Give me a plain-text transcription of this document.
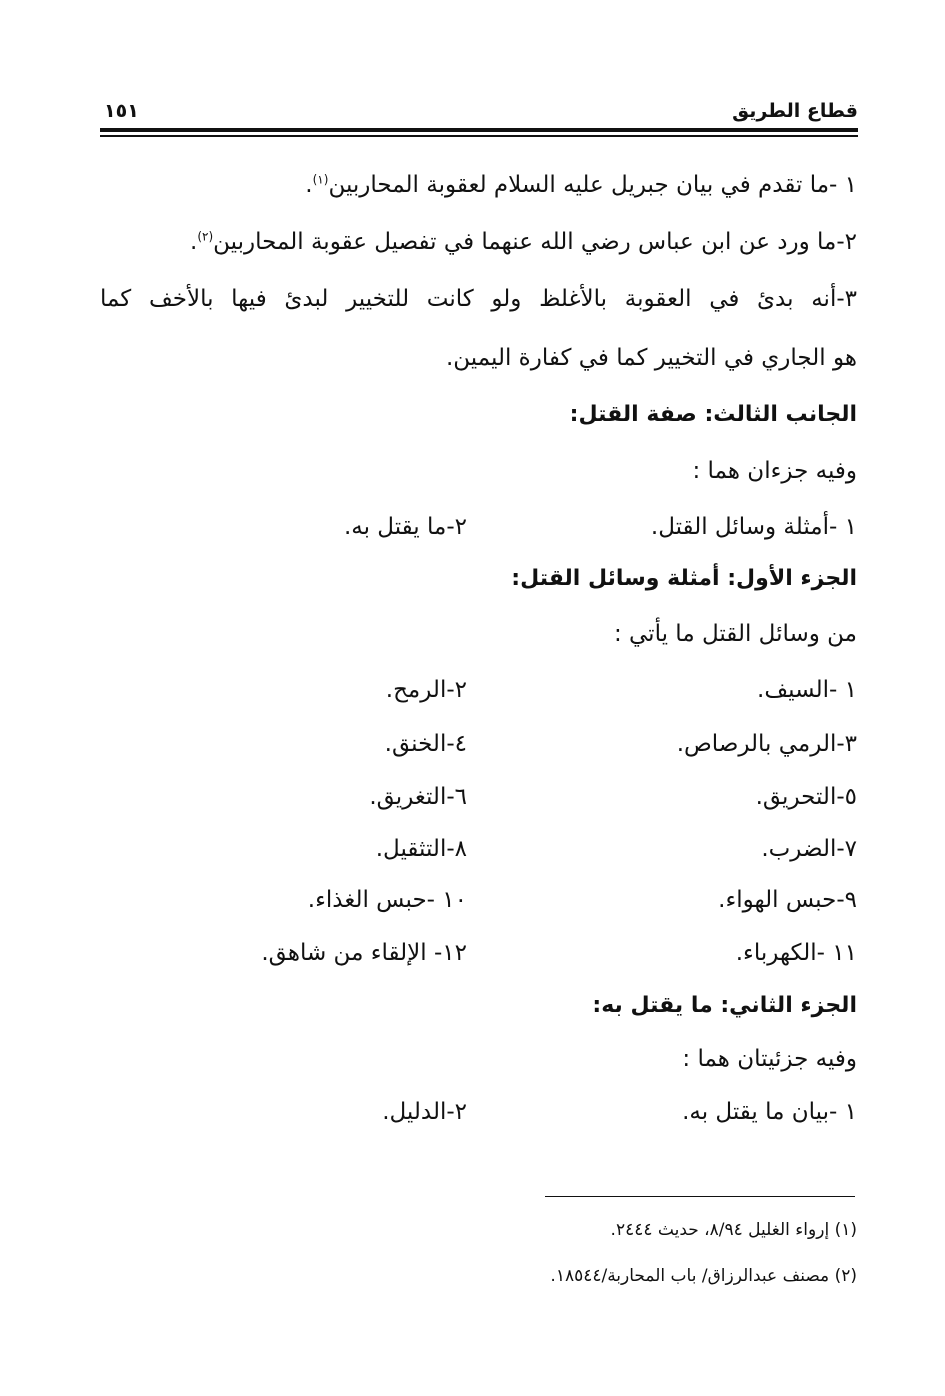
قطاع الطريق
١٥١
١ -ما تقدم في بيان جبريل عليه السلام لعقوبة المحاربين$^{(١)}$.
٢-ما ورد عن ابن عباس رضي الله عنهما في تفصيل عقوبة المحاربين$^{(٢)}$.
٣-أنه بدئ في العقوبة بالأغلظ ولو كانت للتخيير لبدئ فيها بالأخف كما
هو الجاري في التخيير كما في كفارة اليمين.
الجانب الثالث: صفة القتل:
وفيه جزءان هما :
١ -أمثلة وسائل القتل.
٢-ما يقتل به.
الجزء الأول: أمثلة وسائل القتل:
من وسائل القتل ما يأتي :
١ -السيف.
٢-الرمح.
٣-الرمي بالرصاص.
٤-الخنق.
٥-التحريق.
٦-التغريق.
٧-الضرب.
٨-التثقيل.
٩-حبس الهواء.
١٠ -حبس الغذاء.
١١ -الكهرباء.
١٢- الإلقاء من شاهق.
الجزء الثاني: ما يقتل به:
وفيه جزئيتان هما :
١ -بيان ما يقتل به.
٢-الدليل.
(١) إرواء الغليل ٨/٩٤، حديث ٢٤٤٤.
(٢) مصنف عبدالرزاق/ باب المحاربة/١٨٥٤٤.
